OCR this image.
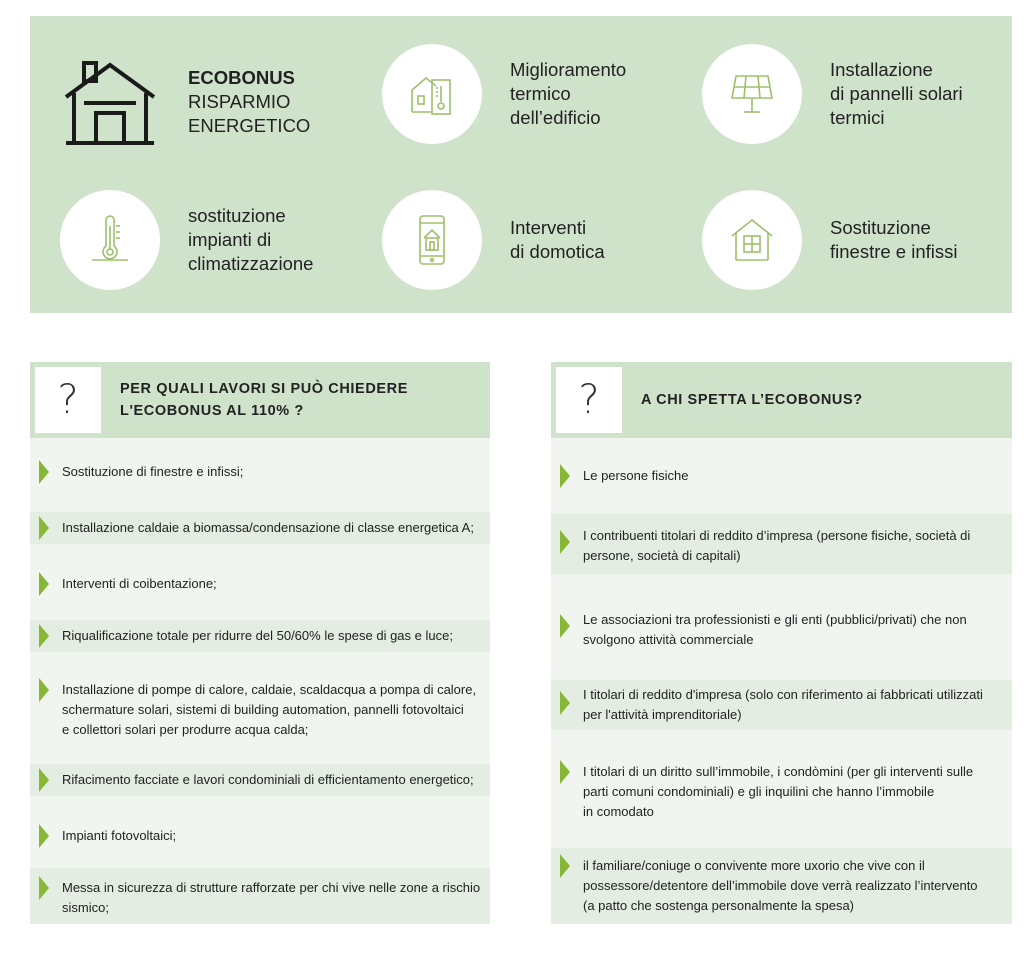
ECOBONUS
RISPARMIO
ENERGETICO
Miglioramento
termico
dell’edificio
Installazione
di pannelli solari
termici
sostituzione
impianti di
climatizzazione
Interventi
di domotica
Sostituzione
finestre e infissi
?	PER QUALI LAVORI SI PUÒ CHIEDERE
L'ECOBONUS AL 110% ?
Sostituzione di finestre e infissi;
Installazione caldaie a biomassa/condensazione di classe energetica A;
Interventi di coibentazione;
Riqualificazione totale per ridurre del 50/60% le spese di gas e luce;
Installazione di pompe di calore, caldaie, scaldacqua a pompa di calore,
schermature solari, sistemi di building automation, pannelli fotovoltaici
e collettori solari per produrre acqua calda;
Rifacimento facciate e lavori condominiali di efficientamento energetico;
Impianti fotovoltaici;
Messa in sicurezza di strutture rafforzate per chi vive nelle zone a rischio
sismico;
?	A CHI SPETTA L’ECOBONUS?
Le persone fisiche
I contribuenti titolari di reddito d’impresa (persone fisiche, società di
persone, società di capitali)
Le associazioni tra professionisti e gli enti (pubblici/privati) che non
svolgono attività commerciale
I titolari di reddito d'impresa (solo con riferimento ai fabbricati utilizzati
per l'attività imprenditoriale)
I titolari di un diritto sull’immobile, i condòmini (per gli interventi sulle
parti comuni condominiali) e gli inquilini che hanno l’immobile
in comodato
il familiare/coniuge o convivente more uxorio che vive con il
possessore/detentore dell’immobile dove verrà realizzato l’intervento
(a patto che sostenga personalmente la spesa)
